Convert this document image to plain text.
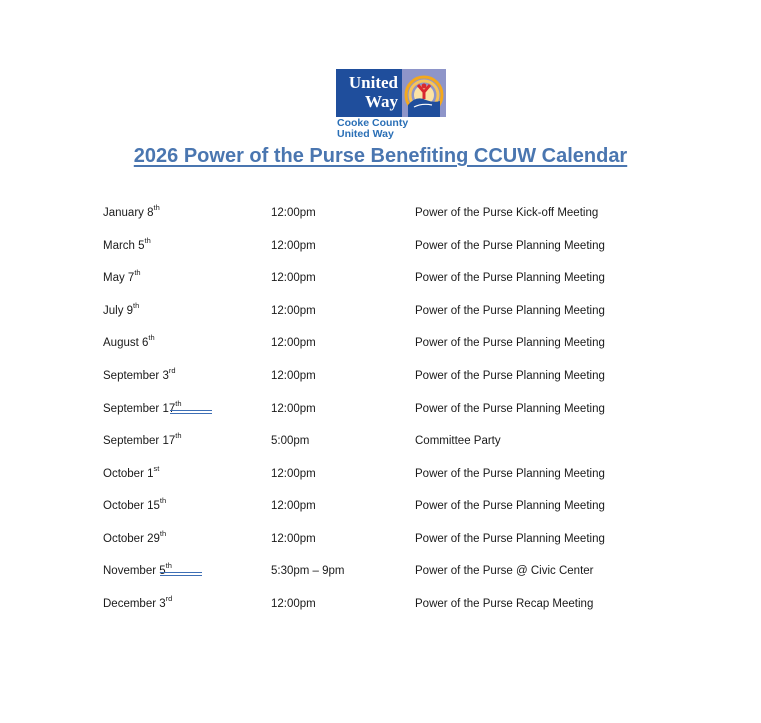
United
Way
Cooke County
United Way
2026 Power of the Purse Benefiting CCUW Calendar
January 8th	12:00pm	Power of the Purse Kick-off Meeting
March 5th	12:00pm	Power of the Purse Planning Meeting
May 7th	12:00pm	Power of the Purse Planning Meeting
July 9th	12:00pm	Power of the Purse Planning Meeting
August 6th	12:00pm	Power of the Purse Planning Meeting
September 3rd	12:00pm	Power of the Purse Planning Meeting
September 17th	12:00pm	Power of the Purse Planning Meeting
September 17th	5:00pm	Committee Party
October 1st	12:00pm	Power of the Purse Planning Meeting
October 15th	12:00pm	Power of the Purse Planning Meeting
October 29th	12:00pm	Power of the Purse Planning Meeting
November 5th	5:30pm – 9pm	Power of the Purse @ Civic Center
December 3rd	12:00pm	Power of the Purse Recap Meeting
